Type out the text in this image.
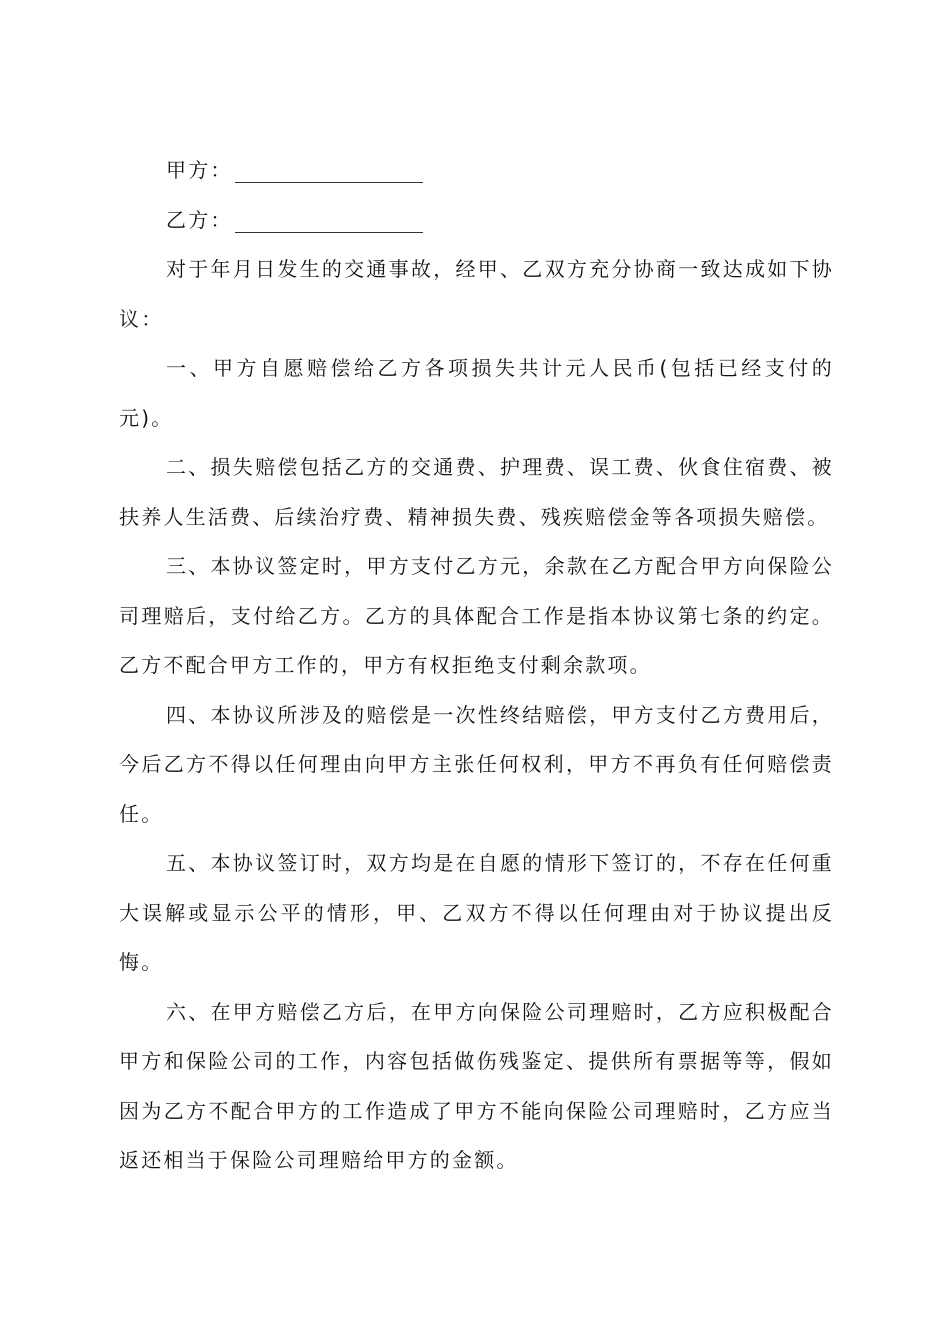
甲方：

乙方：

对于年月日发生的交通事故，经甲、乙双方充分协商一致达成如下协议：

一、甲方自愿赔偿给乙方各项损失共计元人民币(包括已经支付的元)。

二、损失赔偿包括乙方的交通费、护理费、误工费、伙食住宿费、被扶养人生活费、后续治疗费、精神损失费、残疾赔偿金等各项损失赔偿。

三、本协议签定时，甲方支付乙方元，余款在乙方配合甲方向保险公司理赔后，支付给乙方。乙方的具体配合工作是指本协议第七条的约定。乙方不配合甲方工作的，甲方有权拒绝支付剩余款项。

四、本协议所涉及的赔偿是一次性终结赔偿，甲方支付乙方费用后，今后乙方不得以任何理由向甲方主张任何权利，甲方不再负有任何赔偿责任。

五、本协议签订时，双方均是在自愿的情形下签订的，不存在任何重大误解或显示公平的情形，甲、乙双方不得以任何理由对于协议提出反悔。

六、在甲方赔偿乙方后，在甲方向保险公司理赔时，乙方应积极配合甲方和保险公司的工作，内容包括做伤残鉴定、提供所有票据等等，假如因为乙方不配合甲方的工作造成了甲方不能向保险公司理赔时，乙方应当返还相当于保险公司理赔给甲方的金额。
